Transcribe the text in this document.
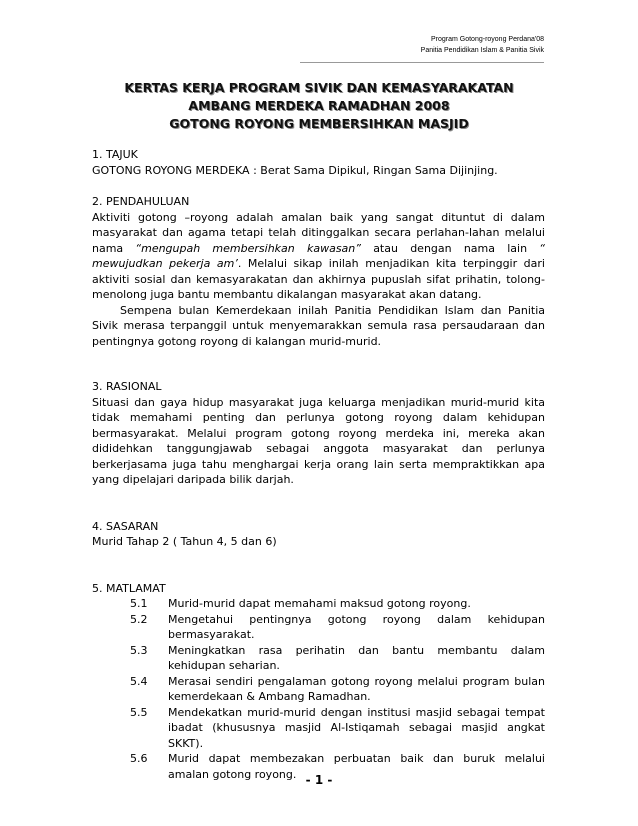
Program Gotong-royong Perdana'08
Panitia Pendidikan Islam & Panitia Sivik
KERTAS KERJA PROGRAM SIVIK DAN KEMASYARAKATAN
AMBANG MERDEKA RAMADHAN 2008
GOTONG ROYONG MEMBERSIHKAN MASJID

1. TAJUK

GOTONG ROYONG MERDEKA : Berat Sama Dipikul, Ringan Sama Dijinjing.

2. PENDAHULUAN

Aktiviti gotong –royong adalah amalan baik yang sangat dituntut di dalam masyarakat dan agama tetapi telah ditinggalkan secara perlahan-lahan melalui nama “mengupah membersihkan kawasan” atau dengan nama lain “ mewujudkan pekerja am’. Melalui sikap inilah menjadikan kita terpinggir dari aktiviti sosial dan kemasyarakatan dan akhirnya pupuslah sifat prihatin, tolong-menolong juga bantu membantu dikalangan masyarakat akan datang.

Sempena bulan Kemerdekaan inilah Panitia Pendidikan Islam dan Panitia Sivik merasa terpanggil untuk menyemarakkan semula rasa persaudaraan dan pentingnya gotong royong di kalangan murid-murid.

3. RASIONAL

Situasi dan gaya hidup masyarakat juga keluarga menjadikan murid-murid kita tidak memahami penting dan perlunya gotong royong dalam kehidupan bermasyarakat. Melalui program gotong royong merdeka ini, mereka akan dididehkan tanggungjawab sebagai anggota masyarakat dan perlunya berkerjasama juga tahu menghargai kerja orang lain serta mempraktikkan apa yang dipelajari daripada bilik darjah.

4. SASARAN

Murid Tahap 2 ( Tahun 4, 5 dan 6)

5. MATLAMAT

5.1	Murid-murid dapat memahami maksud gotong royong.
5.2	Mengetahui pentingnya gotong royong dalam kehidupan bermasyarakat.
5.3	Meningkatkan rasa perihatin dan bantu membantu dalam kehidupan seharian.
5.4	Merasai sendiri pengalaman gotong royong melalui program bulan kemerdekaan & Ambang Ramadhan.
5.5	Mendekatkan murid-murid dengan institusi masjid sebagai tempat ibadat (khususnya masjid Al-Istiqamah sebagai masjid angkat SKKT).
5.6	Murid dapat membezakan perbuatan baik dan buruk melalui amalan gotong royong. - 1 -
